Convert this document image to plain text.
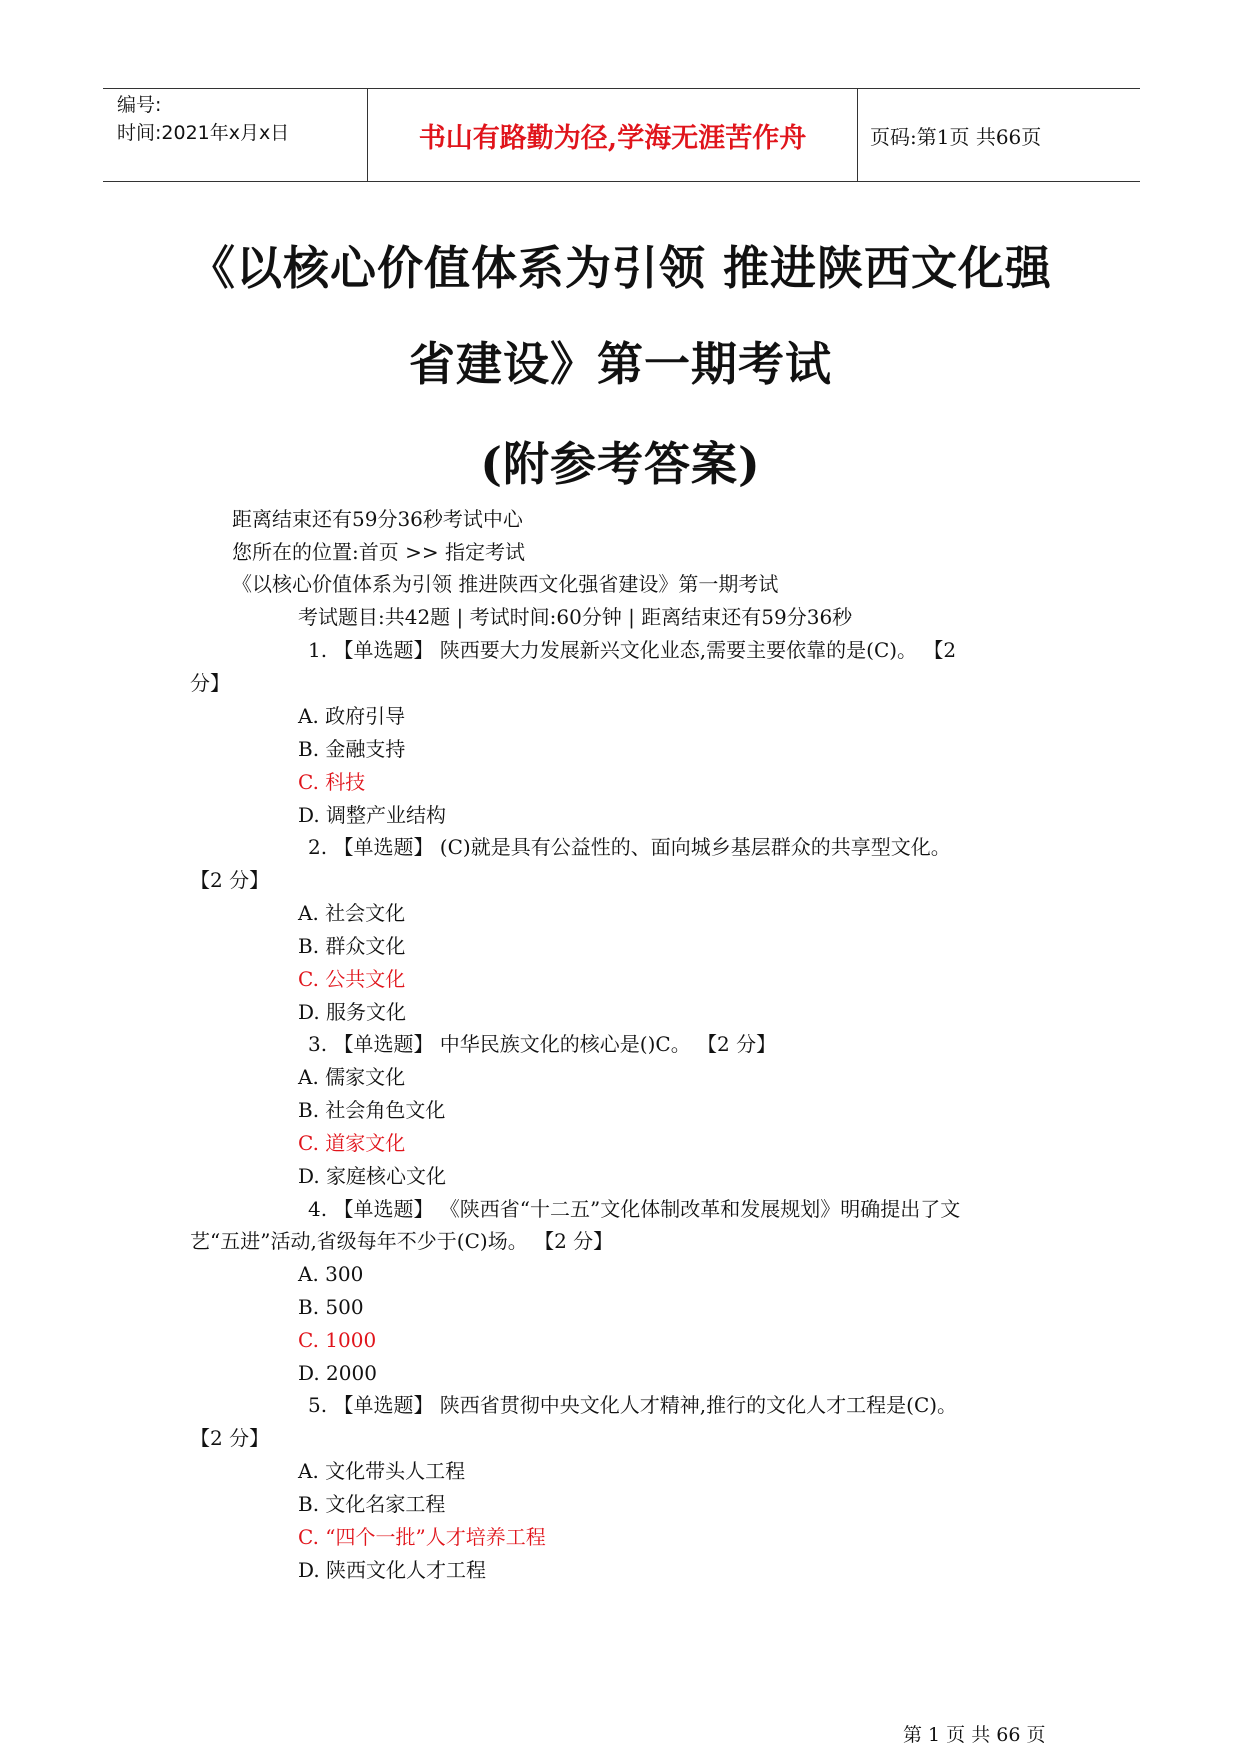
编号:
时间:2021年x月x日	书山有路勤为径,学海无涯苦作舟	页码:第1页 共66页
《以核心价值体系为引领 推进陕西文化强
省建设》第一期考试
(附参考答案)
距离结束还有59分36秒考试中心
您所在的位置:首页 >> 指定考试
《以核心价值体系为引领 推进陕西文化强省建设》第一期考试
考试题目:共42题 | 考试时间:60分钟 | 距离结束还有59分36秒
1. 【单选题】 陕西要大力发展新兴文化业态,需要主要依靠的是(C)。 【2
分】
A. 政府引导
B. 金融支持
C. 科技
D. 调整产业结构
2. 【单选题】 (C)就是具有公益性的、面向城乡基层群众的共享型文化。
【2 分】
A. 社会文化
B. 群众文化
C. 公共文化
D. 服务文化
3. 【单选题】 中华民族文化的核心是()C。 【2 分】
A. 儒家文化
B. 社会角色文化
C. 道家文化
D. 家庭核心文化
4. 【单选题】 《陕西省“十二五”文化体制改革和发展规划》明确提出了文
艺“五进”活动,省级每年不少于(C)场。 【2 分】
A. 300
B. 500
C. 1000
D. 2000
5. 【单选题】 陕西省贯彻中央文化人才精神,推行的文化人才工程是(C)。
【2 分】
A. 文化带头人工程
B. 文化名家工程
C. “四个一批”人才培养工程
D. 陕西文化人才工程
第 1 页 共 66 页
